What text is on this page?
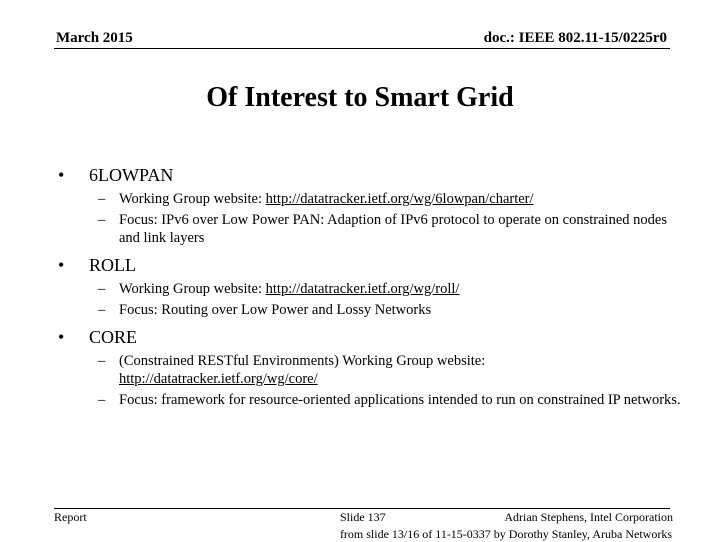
March 2015	doc.: IEEE 802.11-15/0225r0
Of Interest to Smart Grid
• 6LOWPAN
– Working Group website: http://datatracker.ietf.org/wg/6lowpan/charter/
– Focus: IPv6 over Low Power PAN: Adaption of IPv6 protocol to operate on constrained nodes and link layers
• ROLL
– Working Group website: http://datatracker.ietf.org/wg/roll/
– Focus: Routing over Low Power and Lossy Networks
• CORE
– (Constrained RESTful Environments) Working Group website: http://datatracker.ietf.org/wg/core/
– Focus: framework for resource-oriented applications intended to run on constrained IP networks.
Report	Slide 137	Adrian Stephens, Intel Corporation
from slide 13/16 of 11-15-0337 by Dorothy Stanley, Aruba Networks
